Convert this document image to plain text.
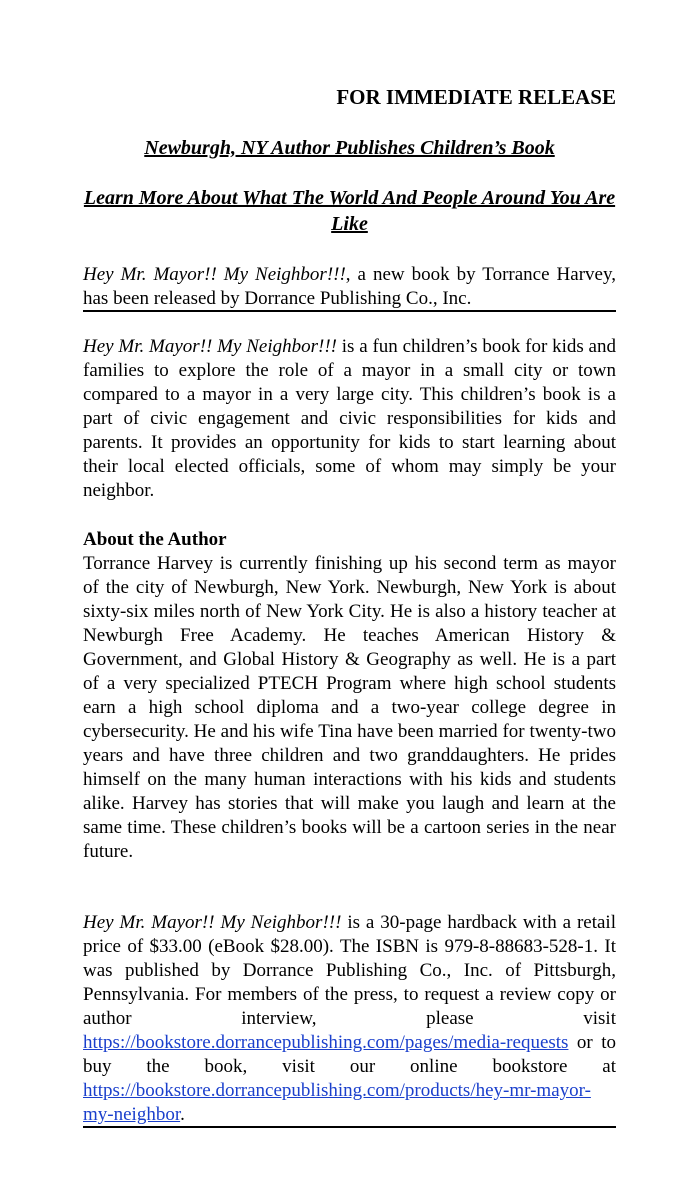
FOR IMMEDIATE RELEASE
Newburgh, NY Author Publishes Children’s Book
Learn More About What The World And People Around You Are Like
Hey Mr. Mayor!! My Neighbor!!!, a new book by Torrance Harvey, has been released by Dorrance Publishing Co., Inc.
Hey Mr. Mayor!! My Neighbor!!! is a fun children’s book for kids and families to explore the role of a mayor in a small city or town compared to a mayor in a very large city. This children’s book is a part of civic engagement and civic responsibilities for kids and parents. It provides an opportunity for kids to start learning about their local elected officials, some of whom may simply be your neighbor.
About the Author
Torrance Harvey is currently finishing up his second term as mayor of the city of Newburgh, New York. Newburgh, New York is about sixty-six miles north of New York City. He is also a history teacher at Newburgh Free Academy. He teaches American History & Government, and Global History & Geography as well. He is a part of a very specialized PTECH Program where high school students earn a high school diploma and a two-year college degree in cybersecurity. He and his wife Tina have been married for twenty-two years and have three children and two granddaughters. He prides himself on the many human interactions with his kids and students alike. Harvey has stories that will make you laugh and learn at the same time. These children’s books will be a cartoon series in the near future.
Hey Mr. Mayor!! My Neighbor!!! is a 30-page hardback with a retail price of $33.00 (eBook $28.00). The ISBN is 979-8-88683-528-1. It was published by Dorrance Publishing Co., Inc. of Pittsburgh, Pennsylvania. For members of the press, to request a review copy or author interview, please visit https://bookstore.dorrancepublishing.com/pages/media-requests or to buy the book, visit our online bookstore at https://bookstore.dorrancepublishing.com/products/hey-mr-mayor-my-neighbor.
